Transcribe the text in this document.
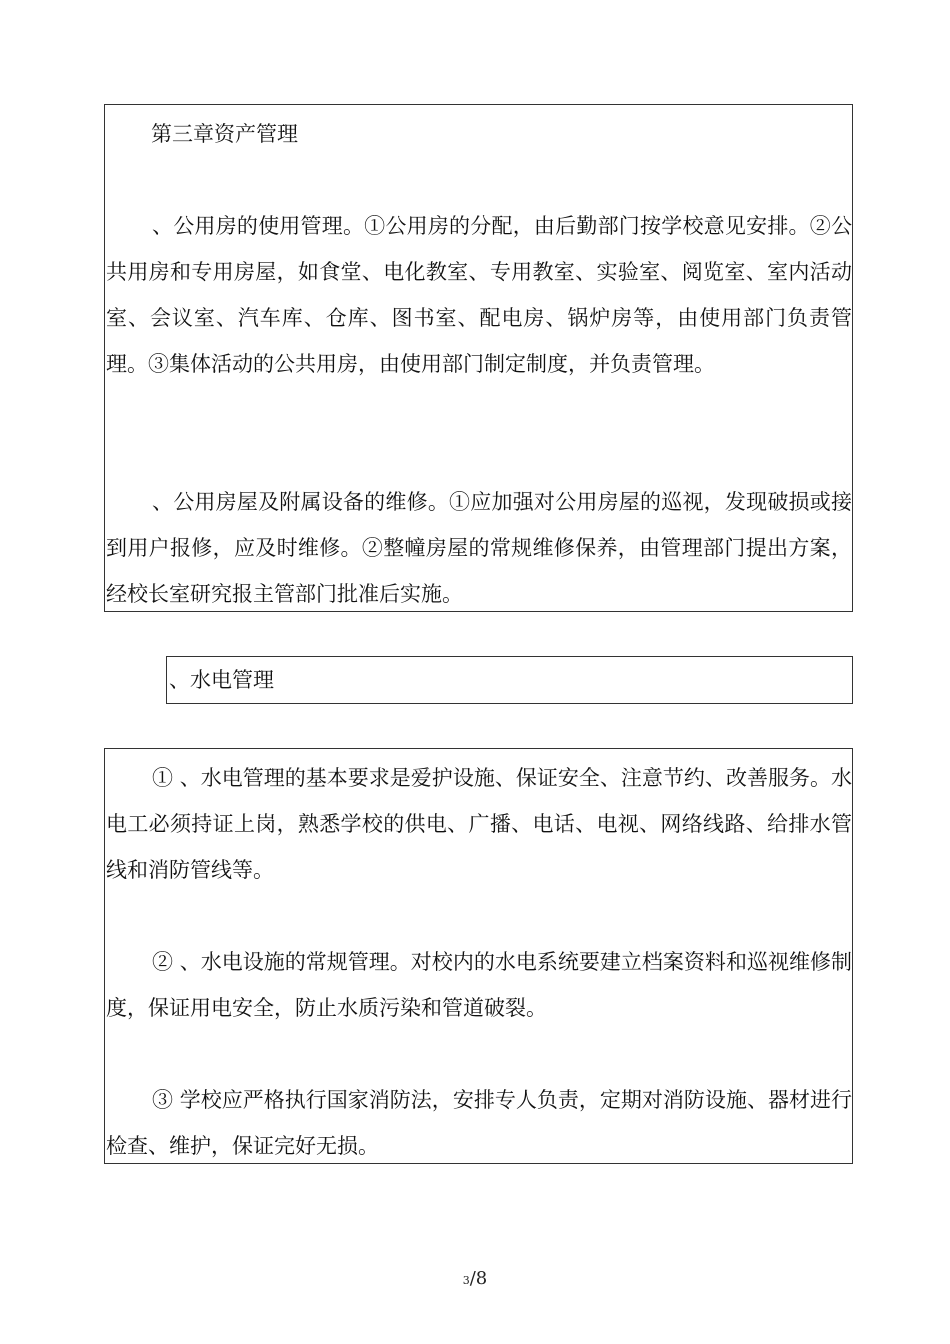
第三章资产管理

、公用房的使用管理。①公用房的分配，由后勤部门按学校意见安排。②公共用房和专用房屋，如食堂、电化教室、专用教室、实验室、阅览室、室内活动室、会议室、汽车库、仓库、图书室、配电房、锅炉房等，由使用部门负责管理。③集体活动的公共用房，由使用部门制定制度，并负责管理。

、公用房屋及附属设备的维修。①应加强对公用房屋的巡视，发现破损或接到用户报修，应及时维修。②整幢房屋的常规维修保养，由管理部门提出方案，经校长室研究报主管部门批准后实施。

、水电管理

① 、水电管理的基本要求是爱护设施、保证安全、注意节约、改善服务。水电工必须持证上岗，熟悉学校的供电、广播、电话、电视、网络线路、给排水管线和消防管线等。

② 、水电设施的常规管理。对校内的水电系统要建立档案资料和巡视维修制度，保证用电安全，防止水质污染和管道破裂。

③ 学校应严格执行国家消防法，安排专人负责，定期对消防设施、器材进行检查、维护，保证完好无损。

3/8
